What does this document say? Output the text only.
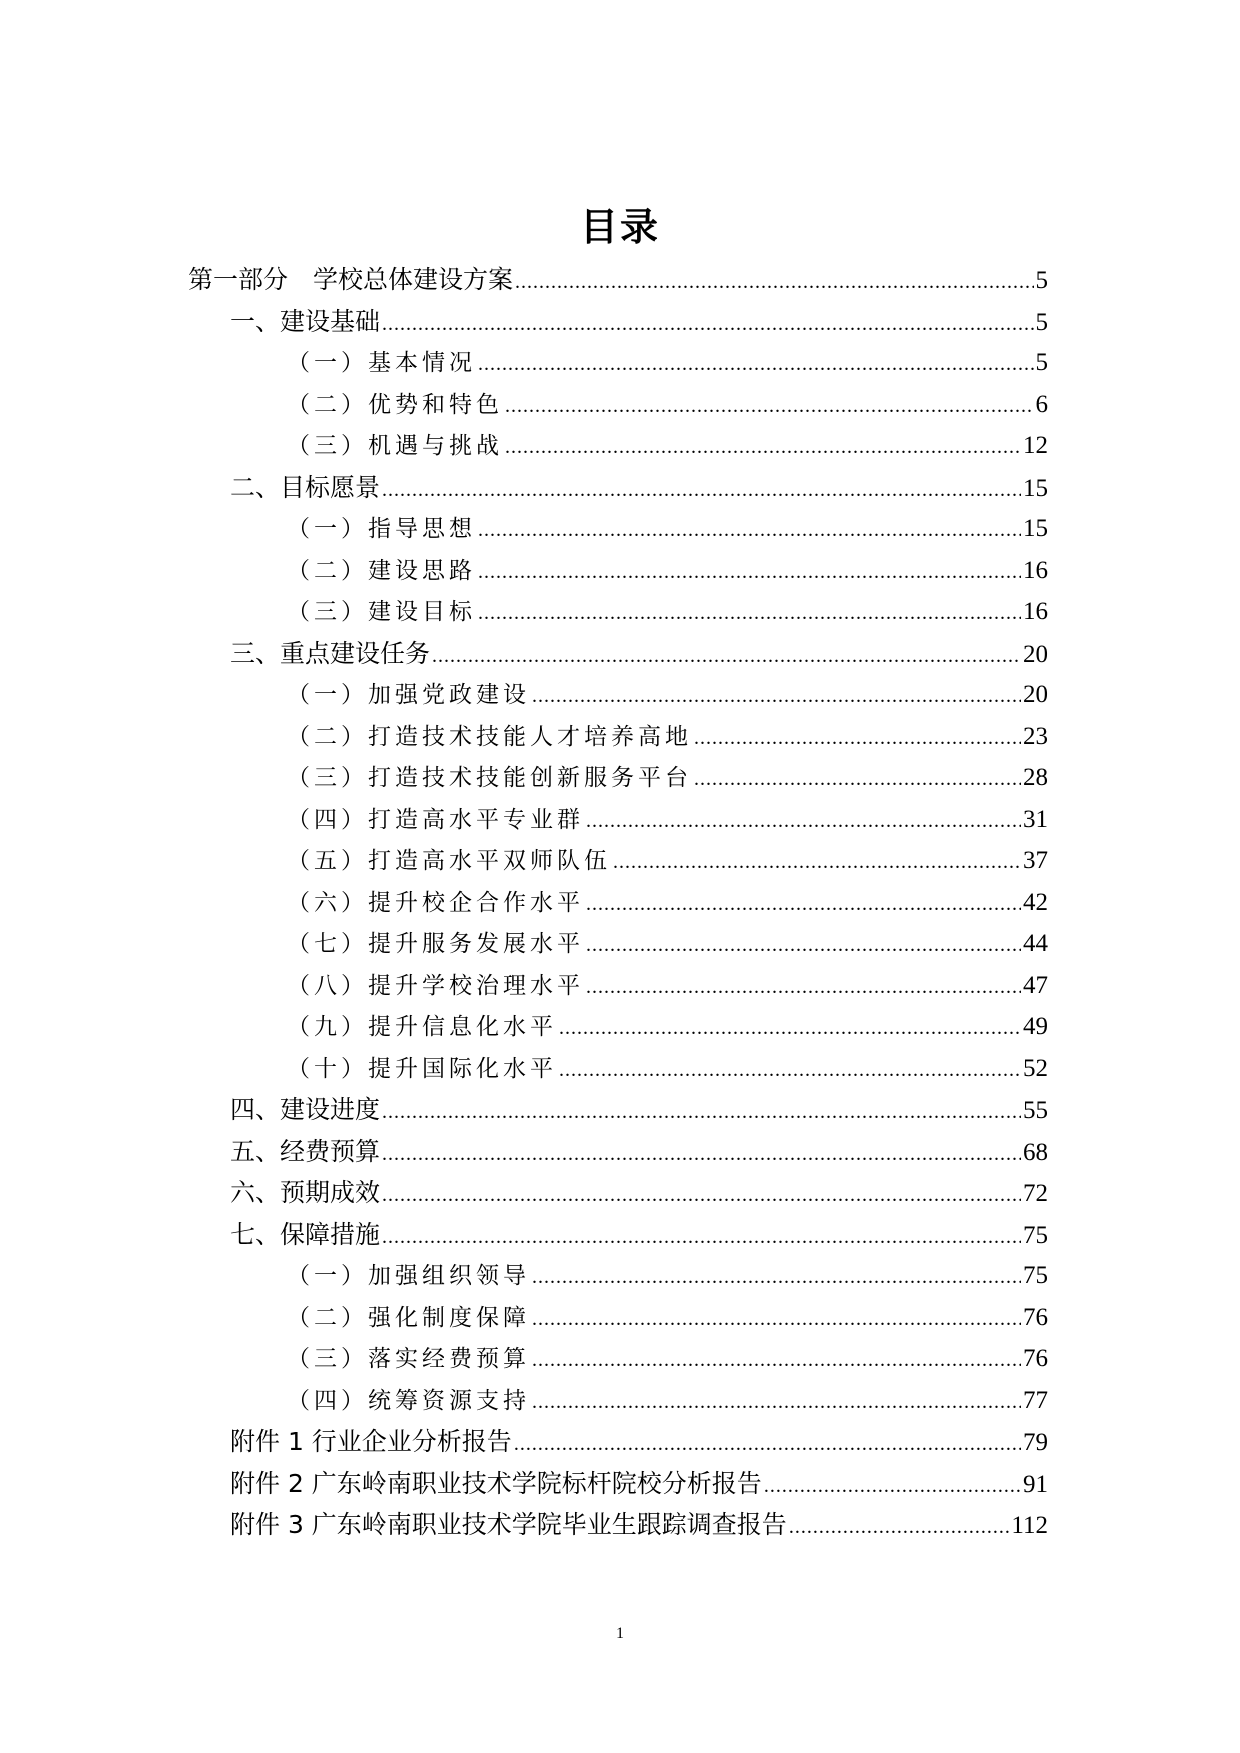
目录
第一部分　学校总体建设方案 .....	5
一、建设基础 .....	5
（一）基本情况 .....	5
（二）优势和特色 .....	6
（三）机遇与挑战 .....	12
二、目标愿景 .....	15
（一）指导思想 .....	15
（二）建设思路 .....	16
（三）建设目标 .....	16
三、重点建设任务 .....	20
（一）加强党政建设 .....	20
（二）打造技术技能人才培养高地 .....	23
（三）打造技术技能创新服务平台 .....	28
（四）打造高水平专业群 .....	31
（五）打造高水平双师队伍 .....	37
（六）提升校企合作水平 .....	42
（七）提升服务发展水平 .....	44
（八）提升学校治理水平 .....	47
（九）提升信息化水平 .....	49
（十）提升国际化水平 .....	52
四、建设进度 .....	55
五、经费预算 .....	68
六、预期成效 .....	72
七、保障措施 .....	75
（一）加强组织领导 .....	75
（二）强化制度保障 .....	76
（三）落实经费预算 .....	76
（四）统筹资源支持 .....	77
附件 1 行业企业分析报告 .....	79
附件 2 广东岭南职业技术学院标杆院校分析报告 .....	91
附件 3 广东岭南职业技术学院毕业生跟踪调查报告 .....	112
1
